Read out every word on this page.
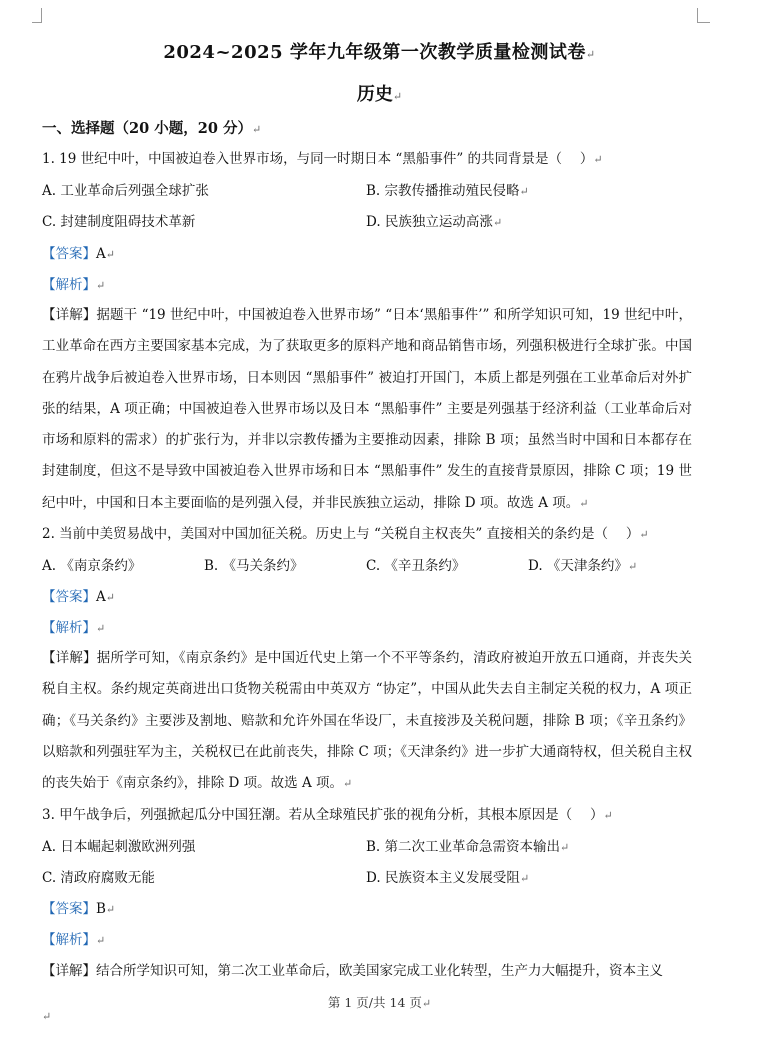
2024~2025 学年九年级第一次教学质量检测试卷↵
历史↵
一、选择题（20 小题，20 分）↵
1. 19 世纪中叶，中国被迫卷入世界市场，与同一时期日本 “黑船事件” 的共同背景是（　 ）↵
A. 工业革命后列强全球扩张	B. 宗教传播推动殖民侵略↵
C. 封建制度阻碍技术革新	D. 民族独立运动高涨↵
【答案】A↵
【解析】↵
【详解】据题干 “19 世纪中叶，中国被迫卷入世界市场” “日本‘黑船事件’” 和所学知识可知，19 世纪中叶，工业革命在西方主要国家基本完成，为了获取更多的原料产地和商品销售市场，列强积极进行全球扩张。中国在鸦片战争后被迫卷入世界市场，日本则因 “黑船事件” 被迫打开国门，本质上都是列强在工业革命后对外扩张的结果，A 项正确；中国被迫卷入世界市场以及日本 “黑船事件” 主要是列强基于经济利益（工业革命后对市场和原料的需求）的扩张行为，并非以宗教传播为主要推动因素，排除 B 项；虽然当时中国和日本都存在封建制度，但这不是导致中国被迫卷入世界市场和日本 “黑船事件” 发生的直接背景原因，排除 C 项；19 世纪中叶，中国和日本主要面临的是列强入侵，并非民族独立运动，排除 D 项。故选 A 项。↵
2. 当前中美贸易战中，美国对中国加征关税。历史上与 “关税自主权丧失” 直接相关的条约是（　 ）↵
A. 《南京条约》	B. 《马关条约》	C. 《辛丑条约》	D. 《天津条约》↵
【答案】A↵
【解析】↵
【详解】据所学可知，《南京条约》是中国近代史上第一个不平等条约，清政府被迫开放五口通商，并丧失关税自主权。条约规定英商进出口货物关税需由中英双方 “协定”，中国从此失去自主制定关税的权力，A 项正确；《马关条约》主要涉及割地、赔款和允许外国在华设厂，未直接涉及关税问题，排除 B 项；《辛丑条约》以赔款和列强驻军为主，关税权已在此前丧失，排除 C 项；《天津条约》进一步扩大通商特权，但关税自主权的丧失始于《南京条约》，排除 D 项。故选 A 项。↵
3. 甲午战争后，列强掀起瓜分中国狂潮。若从全球殖民扩张的视角分析，其根本原因是（　 ）↵
A. 日本崛起刺激欧洲列强	B. 第二次工业革命急需资本输出↵
C. 清政府腐败无能	D. 民族资本主义发展受阻↵
【答案】B↵
【解析】↵
【详解】结合所学知识可知，第二次工业革命后，欧美国家完成工业化转型，生产力大幅提升，资本主义
第 1 页/共 14 页↵
↵
